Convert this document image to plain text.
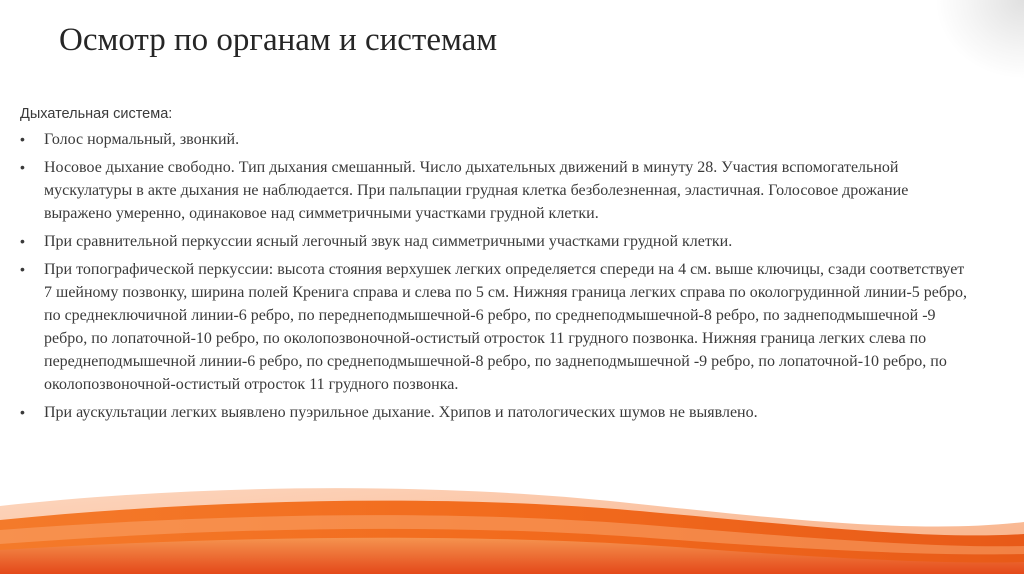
Осмотр по органам и системам
Дыхательная система:
• Голос нормальный, звонкий.
• Носовое дыхание свободно. Тип дыхания смешанный. Число дыхательных движений в минуту 28. Участия вспомогательной мускулатуры в акте дыхания не наблюдается. При пальпации грудная клетка безболезненная, эластичная. Голосовое дрожание выражено умеренно, одинаковое над симметричными участками грудной клетки.
• При сравнительной перкуссии ясный легочный звук над симметричными участками грудной клетки.
• При топографической перкуссии: высота стояния верхушек легких определяется спереди на 4 см. выше ключицы, сзади соответствует 7 шейному позвонку, ширина полей Кренига справа и слева по 5 см. Нижняя граница легких справа по окологрудинной линии-5 ребро, по среднеключичной линии-6 ребро, по переднеподмышечной-6 ребро, по среднеподмышечной-8 ребро, по заднеподмышечной -9 ребро, по лопаточной-10 ребро, по околопозвоночной-остистый отросток 11 грудного позвонка. Нижняя граница легких слева по переднеподмышечной линии-6 ребро, по среднеподмышечной-8 ребро, по заднеподмышечной -9 ребро, по лопаточной-10 ребро, по околопозвоночной-остистый отросток 11 грудного позвонка.
• При аускультации легких выявлено пуэрильное дыхание. Хрипов и патологических шумов не выявлено.
